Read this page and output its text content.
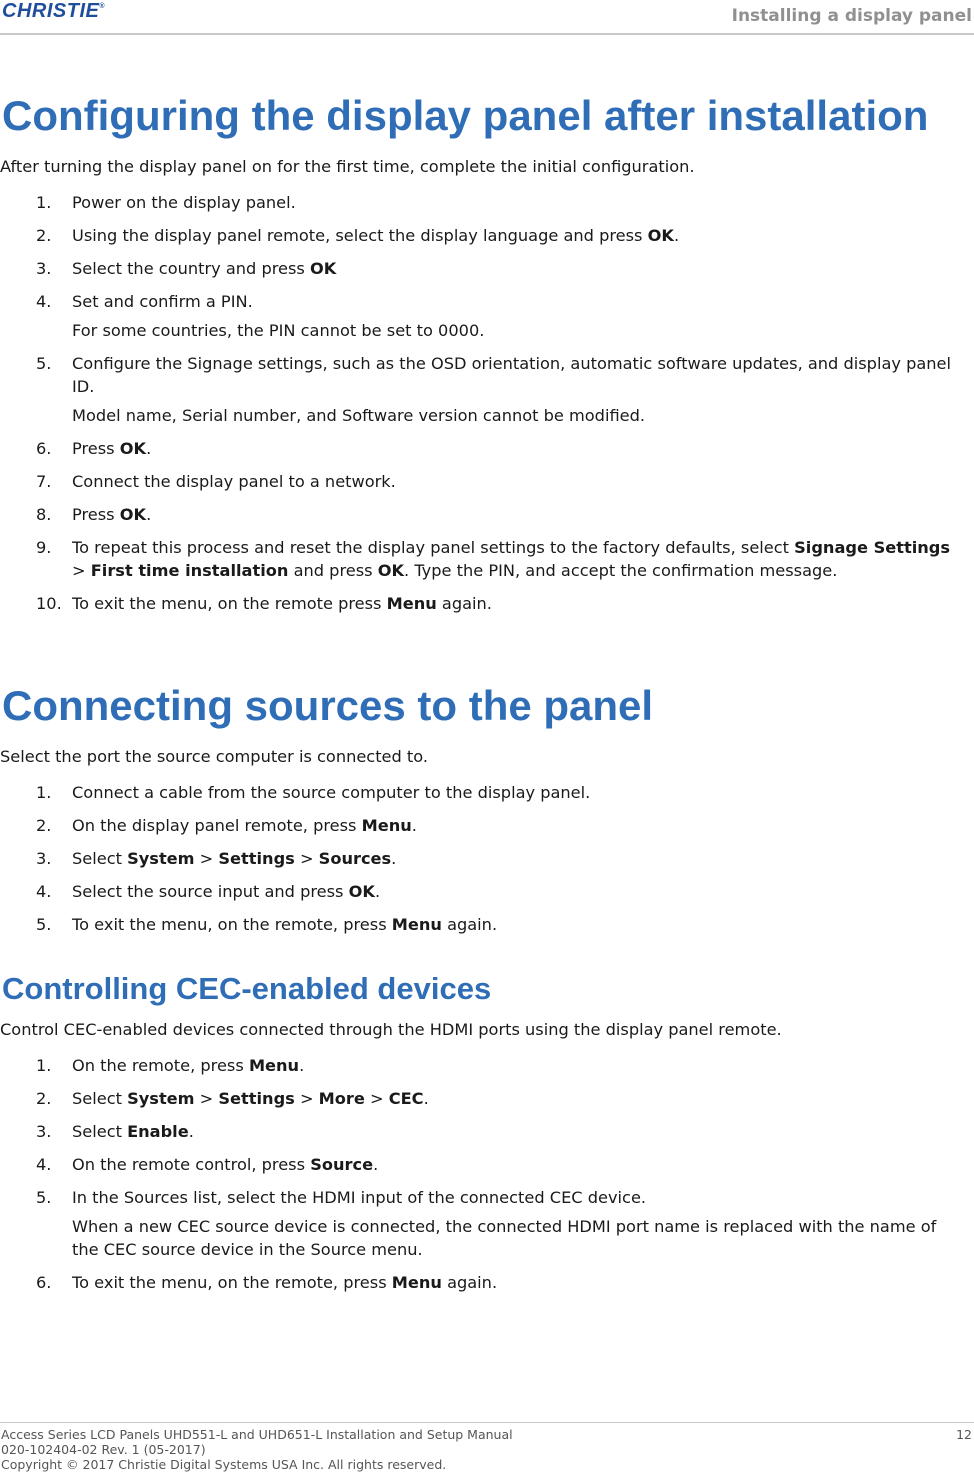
CHRISTIE®	Installing a display panel
Configuring the display panel after installation
After turning the display panel on for the first time, complete the initial configuration.
1. Power on the display panel.
2. Using the display panel remote, select the display language and press OK.
3. Select the country and press OK
4. Set and confirm a PIN.
For some countries, the PIN cannot be set to 0000.
5. Configure the Signage settings, such as the OSD orientation, automatic software updates, and display panel ID.
Model name, Serial number, and Software version cannot be modified.
6. Press OK.
7. Connect the display panel to a network.
8. Press OK.
9. To repeat this process and reset the display panel settings to the factory defaults, select Signage Settings > First time installation and press OK. Type the PIN, and accept the confirmation message.
10. To exit the menu, on the remote press Menu again.
Connecting sources to the panel
Select the port the source computer is connected to.
1. Connect a cable from the source computer to the display panel.
2. On the display panel remote, press Menu.
3. Select System > Settings > Sources.
4. Select the source input and press OK.
5. To exit the menu, on the remote, press Menu again.
Controlling CEC-enabled devices
Control CEC-enabled devices connected through the HDMI ports using the display panel remote.
1. On the remote, press Menu.
2. Select System > Settings > More > CEC.
3. Select Enable.
4. On the remote control, press Source.
5. In the Sources list, select the HDMI input of the connected CEC device.
When a new CEC source device is connected, the connected HDMI port name is replaced with the name of the CEC source device in the Source menu.
6. To exit the menu, on the remote, press Menu again.
Access Series LCD Panels UHD551-L and UHD651-L Installation and Setup Manual
020-102404-02 Rev. 1 (05-2017)
Copyright © 2017 Christie Digital Systems USA Inc. All rights reserved.
12
